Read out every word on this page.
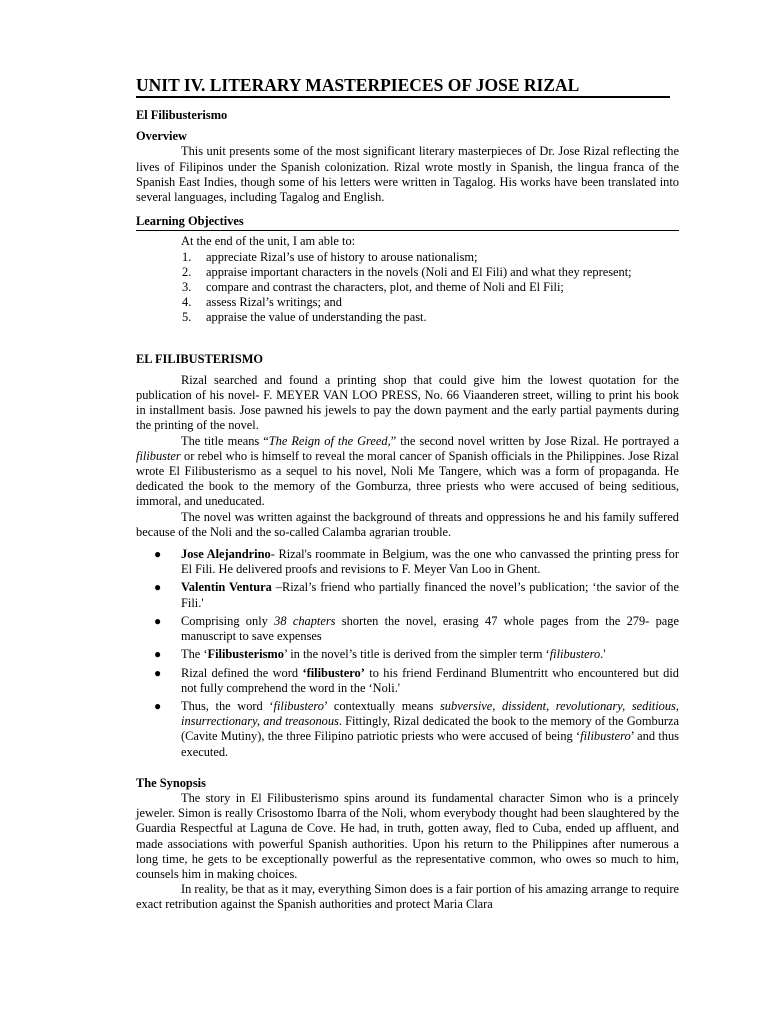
UNIT IV. LITERARY MASTERPIECES OF JOSE RIZAL
El Filibusterismo
Overview

This unit presents some of the most significant literary masterpieces of Dr. Jose Rizal reflecting the lives of Filipinos under the Spanish colonization. Rizal wrote mostly in Spanish, the lingua franca of the Spanish East Indies, though some of his letters were written in Tagalog. His works have been translated into several languages, including Tagalog and English.

Learning Objectives

At the end of the unit, I am able to:

1.	appreciate Rizal’s use of history to arouse nationalism;
2.	appraise important characters in the novels (Noli and El Fili) and what they represent;
3.	compare and contrast the characters, plot, and theme of Noli and El Fili;
4.	assess Rizal’s writings; and
5.	appraise the value of understanding the past.
EL FILIBUSTERISMO

Rizal searched and found a printing shop that could give him the lowest quotation for the publication of his novel- F. MEYER VAN LOO PRESS, No. 66 Viaanderen street, willing to print his book in installment basis. Jose pawned his jewels to pay the down payment and the early partial payments during the printing of the novel.

The title means “The Reign of the Greed,” the second novel written by Jose Rizal. He portrayed a filibuster or rebel who is himself to reveal the moral cancer of Spanish officials in the Philippines. Jose Rizal wrote El Filibusterismo as a sequel to his novel, Noli Me Tangere, which was a form of propaganda. He dedicated the book to the memory of the Gomburza, three priests who were accused of being seditious, immoral, and uneducated.

The novel was written against the background of threats and oppressions he and his family suffered because of the Noli and the so-called Calamba agrarian trouble.

●	Jose Alejandrino- Rizal's roommate in Belgium, was the one who canvassed the printing press for El Fili. He delivered proofs and revisions to F. Meyer Van Loo in Ghent.
●	Valentin Ventura –Rizal’s friend who partially financed the novel’s publication; ‘the savior of the Fili.'
●	Comprising only 38 chapters shorten the novel, erasing 47 whole pages from the 279- page manuscript to save expenses
●	The ‘Filibusterismo’ in the novel’s title is derived from the simpler term ‘filibustero.'
●	Rizal defined the word ‘filibustero’ to his friend Ferdinand Blumentritt who encountered but did not fully comprehend the word in the ‘Noli.'
●	Thus, the word ‘filibustero’ contextually means subversive, dissident, revolutionary, seditious, insurrectionary, and treasonous. Fittingly, Rizal dedicated the book to the memory of the Gomburza (Cavite Mutiny), the three Filipino patriotic priests who were accused of being ‘filibustero’ and thus executed.
The Synopsis

The story in El Filibusterismo spins around its fundamental character Simon who is a princely jeweler. Simon is really Crisostomo Ibarra of the Noli, whom everybody thought had been slaughtered by the Guardia Respectful at Laguna de Cove. He had, in truth, gotten away, fled to Cuba, ended up affluent, and made associations with powerful Spanish authorities. Upon his return to the Philippines after numerous a long time, he gets to be exceptionally powerful as the representative common, who owes so much to him, counsels him in making choices.

In reality, be that as it may, everything Simon does is a fair portion of his amazing arrange to require exact retribution against the Spanish authorities and protect Maria Clara
